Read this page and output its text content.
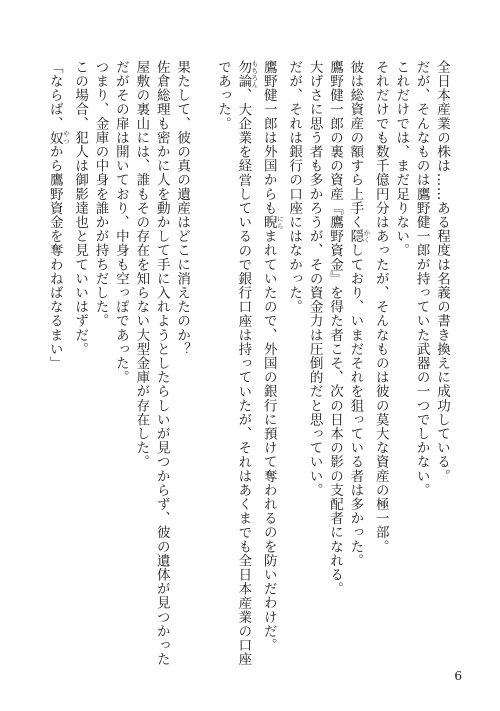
全日本産業の株は……ある程度は名義の書き換えに成功している。
だが、そんなものは鷹野健一郎が持っていた武器の一つでしかない。
これだけでは、まだ足りない。
それだけでも数千億円分はあったが、そんなものは彼の莫大な資産の極一部。
彼は総資産の額すら上手く隠 かくしており、いまだそれを狙っている者は多かった。
鷹野健一郎の裏の資産『鷹野資金』を得た者こそ、次の日本の影の支配者になれる。
大げさに思う者も多かろうが、その資金力は圧倒的だと思っていい。
だが、それは銀行の口座にはなかった。
鷹野健一郎は外国からも睨 にらまれていたので、外国の銀行に預けて奪われるのを防いだわけだ。
勿論 もちろん、大企業を経営しているので銀行口座は持っていたが、それはあくまでも全日本産業の口座
であった。
果たして、彼の真の遺産はどこに消えたのか？
佐倉総理も密かに人を動かして手に入れようとしたらしいが見つからず、彼の遺体が見つかった
屋敷の裏山には、誰もその存在を知らない大型金庫が存在した。
だがその扉は開いており、中身も空っぽであった。
つまり、金庫の中身を誰かが持ちだした。
この場合、犯人は御影達也と見ていいはずだ。
「ならば、奴 やつから鷹野資金を奪わねばなるまい」
6
